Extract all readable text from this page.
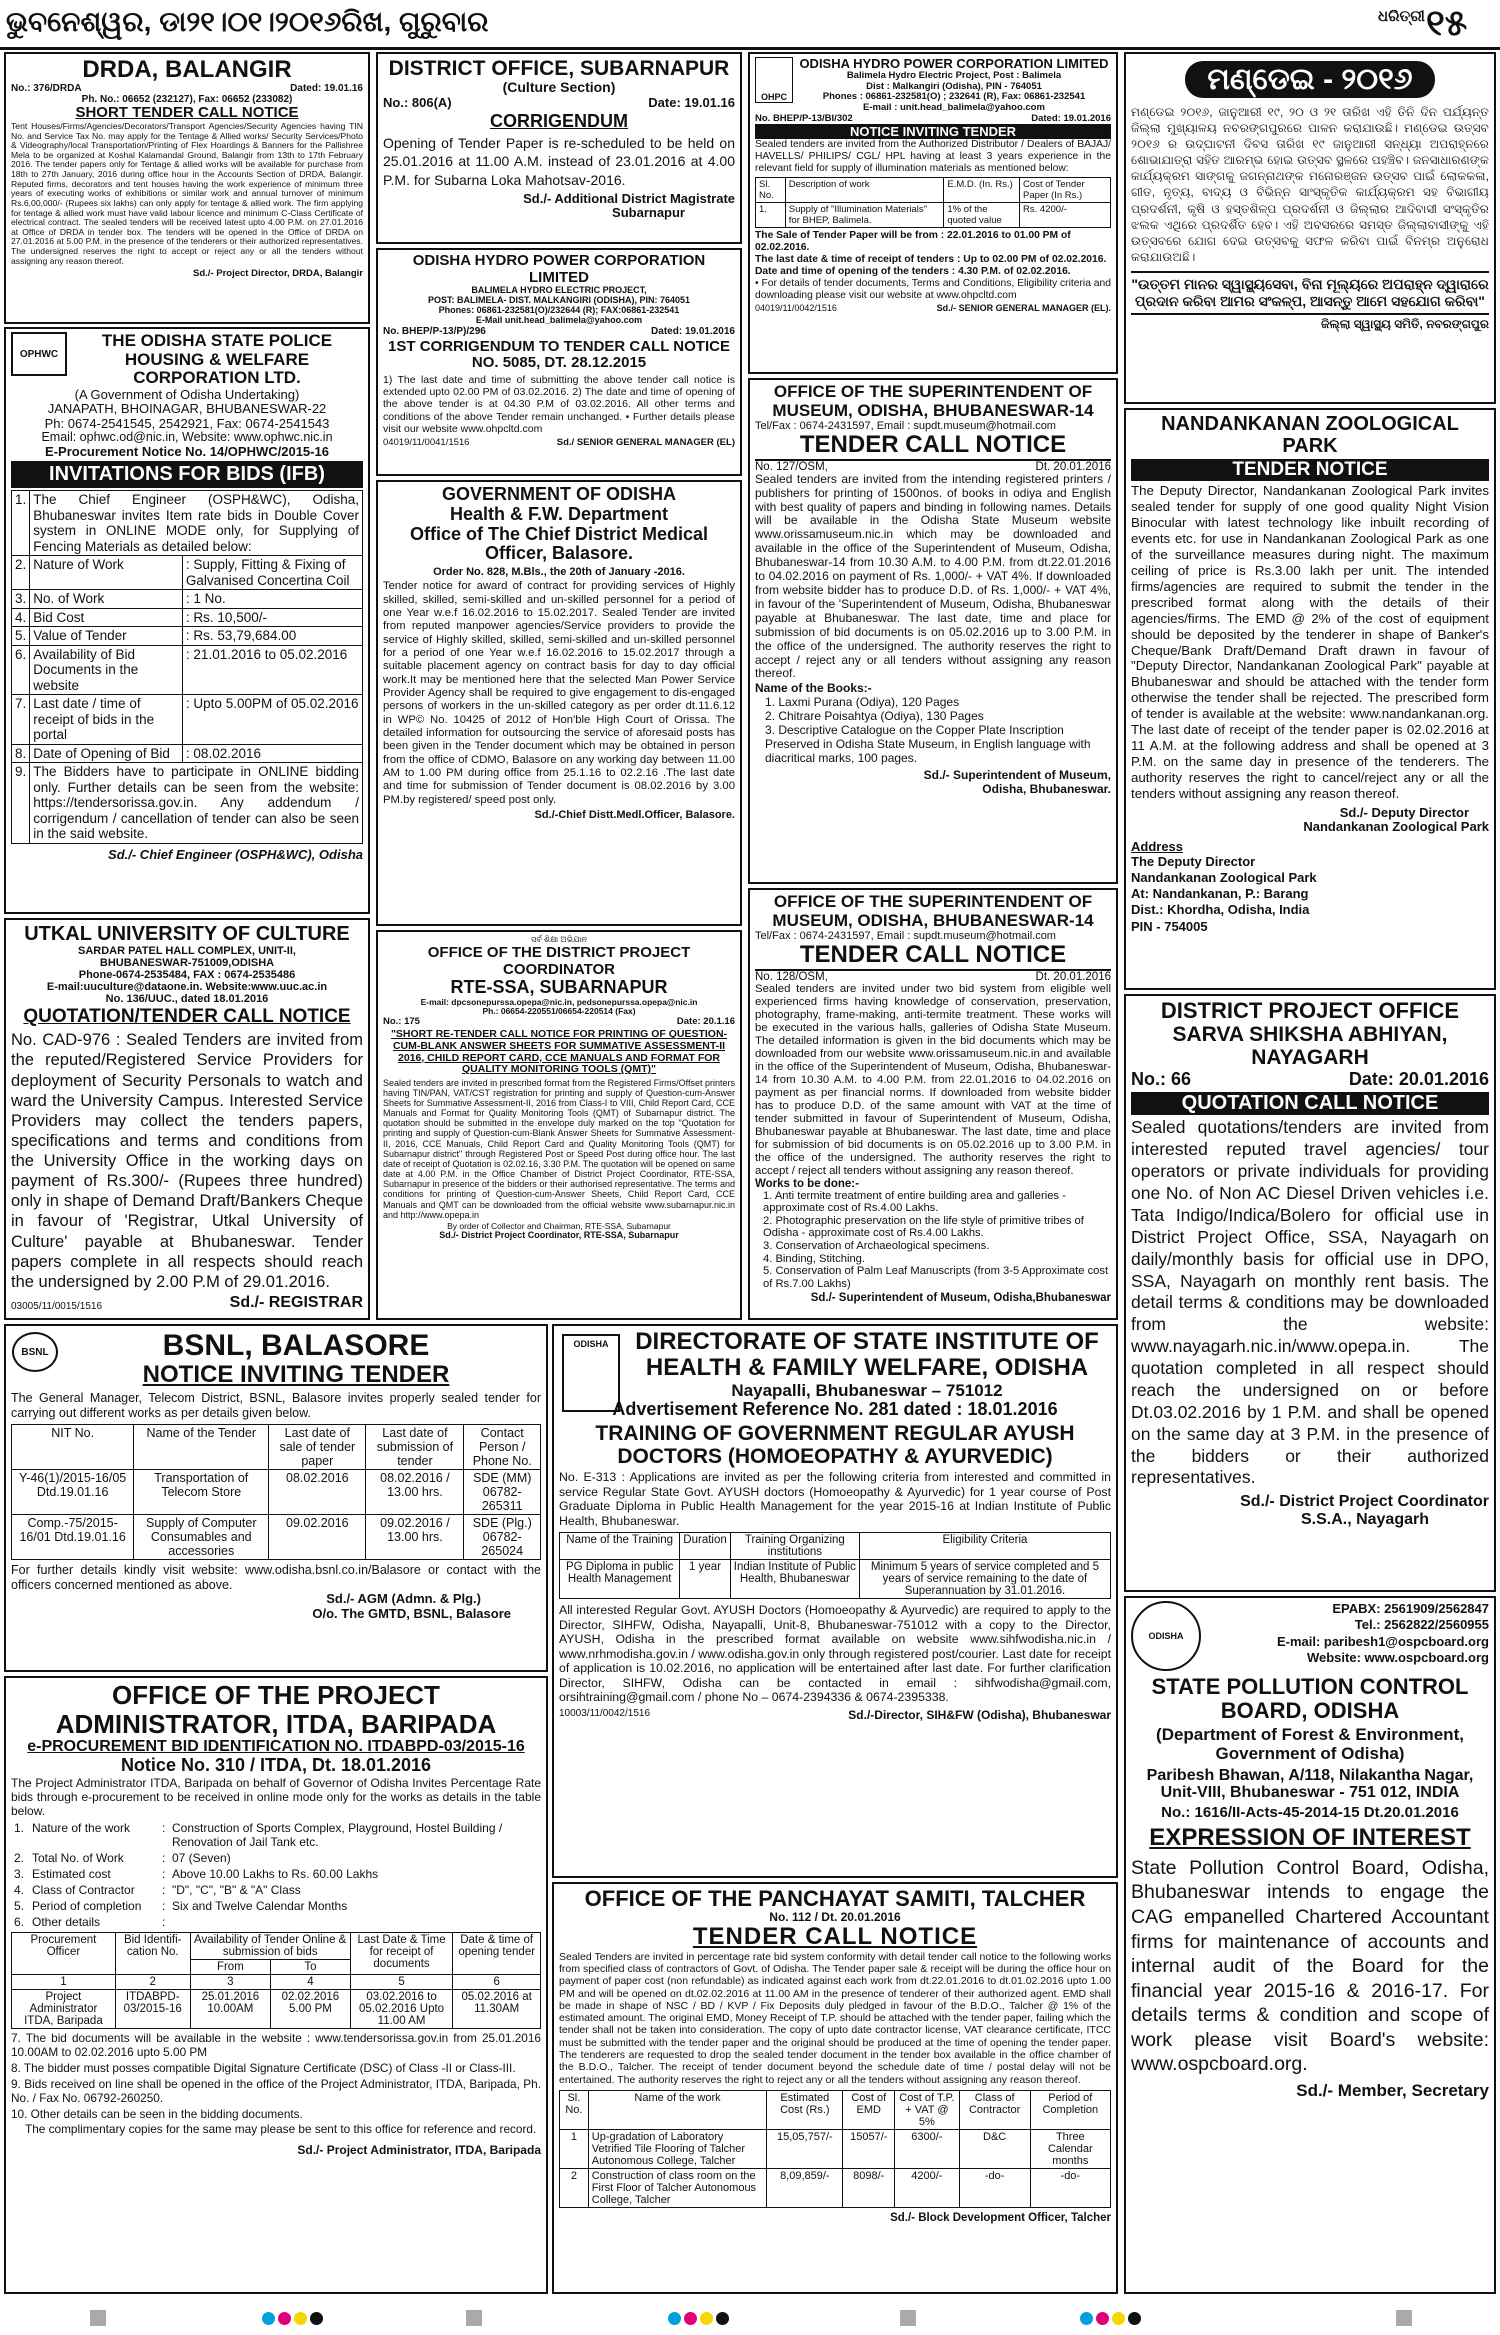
ଭୁବନେଶ୍ୱର, ଡା୨୧।୦୧।୨୦୧୬ରିଖ, ଗୁରୁବାର	ଧରିତ୍ରୀ ୧୫
DRDA, BALANGIR
No.: 376/DRDA	Dated: 19.01.16
Ph. No.: 06652 (232127), Fax: 06652 (233082)
SHORT TENDER CALL NOTICE
Tent Houses/Firms/Agencies/Decorators/Transport Agencies/Security Agencies having TIN No. and Service Tax No. may apply for the Tentage & Allied works/ Security Services/Photo & Videography/local Transportation/Printing of Flex Hoardings & Banners for the Pallishree Mela to be organized at Koshal Kalamandal Ground, Balangir from 13th to 17th February 2016. The tender papers only for Tentage & allied works will be available for purchase from 18th to 27th January, 2016 during office hour in the Accounts Section of DRDA, Balangir. Reputed firms, decorators and tent houses having the work experience of minimum three years of executing works of exhibitions or similar work and annual turnover of minimum Rs.6,00,000/- (Rupees six lakhs) can only apply for tentage & allied work. The firm applying for tentage & allied work must have valid labour licence and minimum C-Class Certificate of electrical contract. The sealed tenders will be received latest upto 4.00 P.M. on 27.01.2016 at Office of DRDA in tender box. The tenders will be opened in the Office of DRDA on 27.01.2016 at 5.00 P.M. in the presence of the tenderers or their authorized representatives. The undersigned reserves the right to accept or reject any or all the tenders without assigning any reason thereof.
Sd./- Project Director, DRDA, Balangir
OPHWC
THE ODISHA STATE POLICE HOUSING & WELFARE CORPORATION LTD.
(A Government of Odisha Undertaking)
JANAPATH, BHOINAGAR, BHUBANESWAR-22
Ph: 0674-2541545, 2542921, Fax: 0674-2541543
Email: ophwc.od@nic.in, Website: www.ophwc.nic.in
E-Procurement Notice No. 14/OPHWC/2015-16
INVITATIONS FOR BIDS (IFB)
1.	The Chief Engineer (OSPH&WC), Odisha, Bhubaneswar invites Item rate bids in Double Cover system in ONLINE MODE only, for Supplying of Fencing Materials as detailed below:	
2.	Nature of Work	: Supply, Fitting & Fixing of Galvanised Concertina Coil
3.	No. of Work	: 1 No.
4.	Bid Cost	: Rs. 10,500/-
5.	Value of Tender	: Rs. 53,79,684.00
6.	Availability of Bid Documents in the website	: 21.01.2016 to 05.02.2016
7.	Last date / time of receipt of bids in the portal	: Upto 5.00PM of 05.02.2016
8.	Date of Opening of Bid	: 08.02.2016
9.	The Bidders have to participate in ONLINE bidding only. Further details can be seen from the website: https://tendersorissa.gov.in. Any addendum / corrigendum / cancellation of tender can also be seen in the said website.	
Sd./- Chief Engineer (OSPH&WC), Odisha
UTKAL UNIVERSITY OF CULTURE
SARDAR PATEL HALL COMPLEX, UNIT-II,
BHUBANESWAR-751009,ODISHA
Phone-0674-2535484, FAX : 0674-2535486
E-mail:uuculture@dataone.in. Website:www.uuc.ac.in
No. 136/UUC., dated 18.01.2016
QUOTATION/TENDER CALL NOTICE
No. CAD-976 : Sealed Tenders are invited from the reputed/Registered Service Providers for deployment of Security Personals to watch and ward the University Campus. Interested Service Providers may collect the tenders papers, specifications and terms and conditions from the University Office in the working days on payment of Rs.300/- (Rupees three hundred) only in shape of Demand Draft/Bankers Cheque in favour of 'Registrar, Utkal University of Culture' payable at Bhubaneswar. Tender papers complete in all respects should reach the undersigned by 2.00 P.M of 29.01.2016.
03005/11/0015/1516	Sd./- REGISTRAR
DISTRICT OFFICE, SUBARNAPUR
(Culture Section)
No.: 806(A)	Date: 19.01.16
CORRIGENDUM
Opening of Tender Paper is re-scheduled to be held on 25.01.2016 at 11.00 A.M. instead of 23.01.2016 at 4.00 P.M. for Subarna Loka Mahotsav-2016.
Sd./- Additional District Magistrate
Subarnapur
ODISHA HYDRO POWER CORPORATION LIMITED
BALIMELA HYDRO ELECTRIC PROJECT,
POST: BALIMELA- DIST. MALKANGIRI (ODISHA), PIN: 764051
Phones: 06861-232581(O)/232644 (R); FAX:06861-232541
E-Mail unit.head_balimela@yahoo.com
No. BHEP/P-13/P)/296	Dated: 19.01.2016
1ST CORRIGENDUM TO TENDER CALL NOTICE NO. 5085, DT. 28.12.2015
1) The last date and time of submitting the above tender call notice is extended upto 02.00 PM of 03.02.2016. 2) The date and time of opening of the above tender is at 04.30 P.M of 03.02.2016. All other terms and conditions of the above Tender remain unchanged. • Further details please visit our website www.ohpcltd.com
04019/11/0041/1516	Sd./ SENIOR GENERAL MANAGER (EL)
GOVERNMENT OF ODISHA
Health & F.W. Department
Office of The Chief District Medical Officer, Balasore.
Order No. 828, M.Bls., the 20th of January -2016.
Tender notice for award of contract for providing services of Highly skilled, skilled, semi-skilled and un-skilled personnel for a period of one Year w.e.f 16.02.2016 to 15.02.2017. Sealed Tender are invited from reputed manpower agencies/Service providers to provide the service of Highly skilled, skilled, semi-skilled and un-skilled personnel for a period of one Year w.e.f 16.02.2016 to 15.02.2017 through a suitable placement agency on contract basis for day to day official work.It may be mentioned here that the selected Man Power Service Provider Agency shall be required to give engagement to dis-engaged persons of workers in the un-skilled category as per order dt.11.6.12 in WP© No. 10425 of 2012 of Hon'ble High Court of Orissa. The detailed information for outsourcing the service of aforesaid posts has been given in the Tender document which may be obtained in person from the office of CDMO, Balasore on any working day between 11.00 AM to 1.00 PM during office from 25.1.16 to 02.2.16 .The last date and time for submission of Tender document is 08.02.2016 by 3.00 PM.by registered/ speed post only.
Sd./-Chief Distt.Medl.Officer, Balasore.
ସର୍ବ ଶିକ୍ଷା ଅଭିଯାନ
OFFICE OF THE DISTRICT PROJECT COORDINATOR
RTE-SSA, SUBARNAPUR
E-mail: dpcsonepurssa.opepa@nic.in, pedsonepurssa.opepa@nic.in
Ph.: 06654-220551/06654-220514 (Fax)
No.: 175	Date: 20.1.16
"SHORT RE-TENDER CALL NOTICE FOR PRINTING OF QUESTION-CUM-BLANK ANSWER SHEETS FOR SUMMATIVE ASSESSMENT-II 2016, CHILD REPORT CARD, CCE MANUALS AND FORMAT FOR QUALITY MONITORING TOOLS (QMT)"
Sealed tenders are invited in prescribed format from the Registered Firms/Offset printers having TIN/PAN, VAT/CST registration for printing and supply of Question-cum-Answer Sheets for Summative Assessment-II, 2016 from Class-I to VIII, Child Report Card, CCE Manuals and Format for Quality Monitoring Tools (QMT) of Subarnapur district. The quotation should be submitted in the envelope duly marked on the top "Quotation for printing and supply of Question-cum-Blank Answer Sheets for Summative Assessment-II, 2016, CCE Manuals, Child Report Card and Quality Monitoring Tools (QMT) for Subarnapur district" through Registered Post or Speed Post during office hour. The last date of receipt of Quotation is 02.02.16, 3.30 P.M. The quotation will be opened on same date at 4.00 P.M. in the Office Chamber of District Project Coordinator, RTE-SSA, Subarnapur in presence of the bidders or their authorised representative. The terms and conditions for printing of Question-cum-Answer Sheets, Child Report Card, CCE Manuals and QMT can be downloaded from the official website www.subarnapur.nic.in and http://www.opepa.in
By order of Collector and Chairman, RTE-SSA, Subarnapur
Sd./- District Project Coordinator, RTE-SSA, Subarnapur
OHPC
ODISHA HYDRO POWER CORPORATION LIMITED
Balimela Hydro Electric Project, Post : Balimela
Dist : Malkangiri (Odisha), PIN - 764051
Phones : 06861-232581(O) ; 232641 (R), Fax: 06861-232541
E-mail : unit.head_balimela@yahoo.com
No. BHEP/P-13/BI/302	Dated: 19.01.2016
NOTICE INVITING TENDER
Sealed tenders are invited from the Authorized Distributor / Dealers of BAJAJ/ HAVELLS/ PHILIPS/ CGL/ HPL having at least 3 years experience in the relevant field for supply of illumination materials as mentioned below:
Sl. No.	Description of work	E.M.D. (In. Rs.)	Cost of Tender Paper (In Rs.)
1.	Supply of "Illumination Materials" for BHEP, Balimela.	1% of the quoted value	Rs. 4200/-
The Sale of Tender Paper will be from : 22.01.2016 to 01.00 PM of 02.02.2016.
The last date & time of receipt of tenders : Up to 02.00 PM of 02.02.2016.
Date and time of opening of the tenders : 4.30 P.M. of 02.02.2016.
• For details of tender documents, Terms and Conditions, Eligibility criteria and downloading please visit our website at www.ohpcltd.com
04019/11/0042/1516	Sd./- SENIOR GENERAL MANAGER (EL).
OFFICE OF THE SUPERINTENDENT OF MUSEUM, ODISHA, BHUBANESWAR-14
Tel/Fax : 0674-2431597, Email : supdt.museum@hotmail.com
TENDER CALL NOTICE
No. 127/OSM,	Dt. 20.01.2016
Sealed tenders are invited from the intending registered printers / publishers for printing of 1500nos. of books in odiya and English with best quality of papers and binding in following names. Details will be available in the Odisha State Museum website www.orissamuseum.nic.in which may be downloaded and available in the office of the Superintendent of Museum, Odisha, Bhubaneswar-14 from 10.30 A.M. to 4.00 P.M. from dt.22.01.2016 to 04.02.2016 on payment of Rs. 1,000/- + VAT 4%. If downloaded from website bidder has to produce D.D. of Rs. 1,000/- + VAT 4%, in favour of the 'Superintendent of Museum, Odisha, Bhubaneswar payable at Bhubaneswar. The last date, time and place for submission of bid documents is on 05.02.2016 up to 3.00 P.M. in the office of the undersigned. The authority reserves the right to accept / reject any or all tenders without assigning any reason thereof.
Name of the Books:-
1. Laxmi Purana (Odiya), 120 Pages
2. Chitrare Poisahtya (Odiya), 130 Pages
3. Descriptive Catalogue on the Copper Plate Inscription Preserved in Odisha State Museum, in English language with diacritical marks, 100 pages.
Sd./- Superintendent of Museum,
Odisha, Bhubaneswar.
OFFICE OF THE SUPERINTENDENT OF MUSEUM, ODISHA, BHUBANESWAR-14
Tel/Fax : 0674-2431597, Email : supdt.museum@hotmail.com
TENDER CALL NOTICE
No. 128/OSM,	Dt. 20.01.2016
Sealed tenders are invited under two bid system from eligible well experienced firms having knowledge of conservation, preservation, photography, frame-making, anti-termite treatment. These works will be executed in the various halls, galleries of Odisha State Museum. The detailed information is given in the bid documents which may be downloaded from our website www.orissamuseum.nic.in and available in the office of the Superintendent of Museum, Odisha, Bhubaneswar-14 from 10.30 A.M. to 4.00 P.M. from 22.01.2016 to 04.02.2016 on payment as per financial norms. If downloaded from website bidder has to produce D.D. of the same amount with VAT at the time of tender submitted in favour of Superintendent of Museum, Odisha, Bhubaneswar payable at Bhubaneswar. The last date, time and place for submission of bid documents is on 05.02.2016 up to 3.00 P.M. in the office of the undersigned. The authority reserves the right to accept / reject all tenders without assigning any reason thereof.
Works to be done:-
1. Anti termite treatment of entire building area and galleries - approximate cost of Rs.4.00 Lakhs.
2. Photographic preservation on the life style of primitive tribes of Odisha - approximate cost of Rs.4.00 Lakhs.
3. Conservation of Archaeological specimens.
4. Binding, Stitching.
5. Conservation of Palm Leaf Manuscripts (from 3-5 Approximate cost of Rs.7.00 Lakhs)
Sd./- Superintendent of Museum, Odisha,Bhubaneswar
ମଣ୍ଡେଇ - ୨୦୧୬
ମଣ୍ଡେଇ ୨୦୧୬, ଜାନୁଆରୀ ୧୯, ୨୦ ଓ ୨୧ ତାରିଖ ଏହି ତିନି ଦିନ ପର୍ଯ୍ୟନ୍ତ ଜିଲ୍ଲା ମୁଖ୍ୟାଳୟ ନବରଙ୍ଗପୁରରେ ପାଳନ କରାଯାଉଛି। ମଣ୍ଡେଇ ଉତ୍ସବ ୨୦୧୬ ର ଉଦ୍‌ଘାଟନୀ ଦିବସ ତାରିଖ ୧୯ ଜାନୁଆରୀ ସନ୍ଧ୍ୟା ଅପରାହ୍ନରେ ଶୋଭାଯାତ୍ରା ସହିତ ଆରମ୍ଭ ହୋଇ ଉତ୍ସବ ସ୍ଥଳରେ ପହଞ୍ଚିବ। ଜନସାଧାରଣଙ୍କ କାର୍ଯ୍ୟକ୍ରମ ସାଙ୍ଗକୁ ଜଗନ୍ନାଥଙ୍କ ମନୋରଞ୍ଜନ ଉତ୍ସବ ପାଇଁ ଲୋକକଳା, ଗୀତ, ନୃତ୍ୟ, ବାଦ୍ୟ ଓ ବିଭିନ୍ନ ସାଂସ୍କୃତିକ କାର୍ଯ୍ୟକ୍ରମ ସହ ବିଭାଗୀୟ ପ୍ରଦର୍ଶନୀ, କୃଷି ଓ ହସ୍ତଶିଳ୍ପ ପ୍ରଦର୍ଶନୀ ଓ ଜିଲ୍ଲାର ଆଦିବାସୀ ସଂସ୍କୃତିର ଝଲକ ଏଥିରେ ପ୍ରଦର୍ଶିତ ହେବ। ଏହି ଅବସରରେ ସମସ୍ତ ଜିଲ୍ଲାବାସୀଙ୍କୁ ଏହି ଉତ୍ସବରେ ଯୋଗ ଦେଇ ଉତ୍ସବକୁ ସଫଳ କରିବା ପାଇଁ ବିନମ୍ର ଅନୁରୋଧ କରାଯାଉଅଛି।
"ଉତ୍ତମ ମାନର ସ୍ୱାସ୍ଥ୍ୟସେବା, ବିନା ମୂଲ୍ୟରେ ଅପରାହ୍ନ ଦ୍ୱାରାରେ ପ୍ରଦାନ କରିବା ଆମର ସଂକଳ୍ପ, ଆସନ୍ତୁ ଆମେ ସହଯୋଗ କରିବା"
ଜିଲ୍ଲା ସ୍ୱାସ୍ଥ୍ୟ ସମିତି, ନବରଙ୍ଗପୁର
NANDANKANAN ZOOLOGICAL PARK
TENDER NOTICE
The Deputy Director, Nandankanan Zoological Park invites sealed tender for supply of one good quality Night Vision Binocular with latest technology like inbuilt recording of events etc. for use in Nandankanan Zoological Park as one of the surveillance measures during night. The maximum ceiling of price is Rs.3.00 lakh per unit. The intended firms/agencies are required to submit the tender in the prescribed format along with the details of their agencies/firms. The EMD @ 2% of the cost of equipment should be deposited by the tenderer in shape of Banker's Cheque/Bank Draft/Demand Draft drawn in favour of "Deputy Director, Nandankanan Zoological Park" payable at Bhubaneswar and should be attached with the tender form otherwise the tender shall be rejected. The prescribed form of tender is available at the website: www.nandankanan.org. The last date of receipt of the tender paper is 02.02.2016 at 11 A.M. at the following address and shall be opened at 3 P.M. on the same day in presence of the tenderers. The authority reserves the right to cancel/reject any or all the tenders without assigning any reason thereof.
Sd./- Deputy Director
Nandankanan Zoological Park
Address
The Deputy Director
Nandankanan Zoological Park
At: Nandankanan, P.: Barang
Dist.: Khordha, Odisha, India
PIN - 754005
DISTRICT PROJECT OFFICE
SARVA SHIKSHA ABHIYAN, NAYAGARH
No.: 66	Date: 20.01.2016
QUOTATION CALL NOTICE
Sealed quotations/tenders are invited from interested reputed travel agencies/ tour operators or private individuals for providing one No. of Non AC Diesel Driven vehicles i.e. Tata Indigo/Indica/Bolero for official use in District Project Office, SSA, Nayagarh on daily/monthly basis for official use in DPO, SSA, Nayagarh on monthly rent basis. The detail terms & conditions may be downloaded from the website: www.nayagarh.nic.in/www.opepa.in. The quotation completed in all respect should reach the undersigned on or before Dt.03.02.2016 by 1 P.M. and shall be opened on the same day at 3 P.M. in the presence of the bidders or their authorized representatives.
Sd./- District Project Coordinator
S.S.A., Nayagarh
BSNL	BSNL, BALASORE
NOTICE INVITING TENDER
The General Manager, Telecom District, BSNL, Balasore invites properly sealed tender for carrying out different works as per details given below.
NIT No.	Name of the Tender	Last date of sale of tender paper	Last date of submission of tender	Contact Person / Phone No.
Y-46(1)/2015-16/05 Dtd.19.01.16	Transportation of Telecom Store	08.02.2016	08.02.2016 / 13.00 hrs.	SDE (MM) 06782-265311
Comp.-75/2015-16/01 Dtd.19.01.16	Supply of Computer Consumables and accessories	09.02.2016	09.02.2016 / 13.00 hrs.	SDE (Plg.) 06782-265024
For further details kindly visit website: www.odisha.bsnl.co.in/Balasore or contact with the officers concerned mentioned as above.
Sd./- AGM (Admn. & Plg.)
O/o. The GMTD, BSNL, Balasore
OFFICE OF THE PROJECT ADMINISTRATOR, ITDA, BARIPADA
e-PROCUREMENT BID IDENTIFICATION NO. ITDABPD-03/2015-16
Notice No. 310 / ITDA, Dt. 18.01.2016
The Project Administrator ITDA, Baripada on behalf of Governor of Odisha Invites Percentage Rate bids through e-procurement to be received in online mode only for the works as details in the table below.
1.	Nature of the work	:	Construction of Sports Complex, Playground, Hostel Building / Renovation of Jail Tank etc.
2.	Total No. of Work	:	07 (Seven)
3.	Estimated cost	:	Above 10.00 Lakhs to Rs. 60.00 Lakhs
4.	Class of Contractor	:	"D", "C", "B" & "A" Class
5.	Period of completion	:	Six and Twelve Calendar Months
6.	Other details	:	
Procurement Officer	Bid Identifi-cation No.	Availability of Tender Online & submission of bids		Last Date & Time for receipt of documents	Date & time of opening tender
		From	To		
1	2	3	4	5	6
Project Administrator ITDA, Baripada	ITDABPD-03/2015-16	25.01.2016 10.00AM	02.02.2016 5.00 PM	03.02.2016 to 05.02.2016 Upto 11.00 AM	05.02.2016 at 11.30AM
7. The bid documents will be available in the website : www.tendersorissa.gov.in from 25.01.2016 10.00AM to 02.02.2016 upto 5.00 PM
8. The bidder must posses compatible Digital Signature Certificate (DSC) of Class -II or Class-III.
9. Bids received on line shall be opened in the office of the Project Administrator, ITDA, Baripada, Ph. No. / Fax No. 06792-260250.
10. Other details can be seen in the bidding documents.
The complimentary copies for the same may please be sent to this office for reference and record.
Sd./- Project Administrator, ITDA, Baripada
ODISHA	DIRECTORATE OF STATE INSTITUTE OF HEALTH & FAMILY WELFARE, ODISHA
Nayapalli, Bhubaneswar – 751012
Advertisement Reference No. 281 dated : 18.01.2016
TRAINING OF GOVERNMENT REGULAR AYUSH DOCTORS (HOMOEOPATHY & AYURVEDIC)
No. E-313 : Applications are invited as per the following criteria from interested and committed in service Regular State Govt. AYUSH doctors (Homoeopathy & Ayurvedic) for 1 year course of Post Graduate Diploma in Public Health Management for the year 2015-16 at Indian Institute of Public Health, Bhubaneswar.
Name of the Training	Duration	Training Organizing institutions	Eligibility Criteria
PG Diploma in public Health Management	1 year	Indian Institute of Public Health, Bhubaneswar	Minimum 5 years of service completed and 5 years of service remaining to the date of Superannuation by 31.01.2016.
All interested Regular Govt. AYUSH Doctors (Homoeopathy & Ayurvedic) are required to apply to the Director, SIHFW, Odisha, Nayapalli, Unit-8, Bhubaneswar-751012 with a copy to the Director, AYUSH, Odisha in the prescribed format available on website www.sihfwodisha.nic.in / www.nrhmodisha.gov.in / www.odisha.gov.in only through registered post/courier. Last date for receipt of application is 10.02.2016, no application will be entertained after last date. For further clarification Director, SIHFW, Odisha can be contacted in email : sihfwodisha@gmail.com, orsihtraining@gmail.com / phone No – 0674-2394336 & 0674-2395338.
10003/11/0042/1516	Sd./-Director, SIH&FW (Odisha), Bhubaneswar
OFFICE OF THE PANCHAYAT SAMITI, TALCHER
No. 112 / Dt. 20.01.2016
TENDER CALL NOTICE
Sealed Tenders are invited in percentage rate bid system conformity with detail tender call notice to the following works from specified class of contractors of Govt. of Odisha. The Tender paper sale & receipt will be during the office hour on payment of paper cost (non refundable) as indicated against each work from dt.22.01.2016 to dt.01.02.2016 upto 1.00 PM and will be opened on dt.02.02.2016 at 11.00 AM in the presence of tenderer of their authorized agent. EMD shall be made in shape of NSC / BD / KVP / Fix Deposits duly pledged in favour of the B.D.O., Talcher @ 1% of the estimated amount. The original EMD, Money Receipt of T.P. should be attached with the tender paper, failing which the tender shall not be taken into consideration. The copy of upto date contractor license, VAT clearance certificate, ITCC must be submitted with the tender paper and the original should be produced at the time of opening the tender paper. The tenderers are requested to drop the sealed tender document in the tender box available in the office chamber of the B.D.O., Talcher. The receipt of tender document beyond the schedule date of time / postal delay will not be entertained. The authority reserves the right to reject any or all the tenders without assigning any reason thereof.
Sl. No.	Name of the work	Estimated Cost (Rs.)	Cost of EMD	Cost of T.P. + VAT @ 5%	Class of Contractor	Period of Completion
1	Up-gradation of Laboratory Vetrified Tile Flooring of Talcher Autonomous College, Talcher	15,05,757/-	15057/-	6300/-	D&C	Three Calendar months
2	Construction of class room on the First Floor of Talcher Autonomous College, Talcher	8,09,859/-	8098/-	4200/-	-do-	-do-
Sd./- Block Development Officer, Talcher
ODISHA
EPABX: 2561909/2562847
Tel.: 2562822/2560955
E-mail: paribesh1@ospcboard.org
Website: www.ospcboard.org
STATE POLLUTION CONTROL BOARD, ODISHA
(Department of Forest & Environment, Government of Odisha)
Paribesh Bhawan, A/118, Nilakantha Nagar, Unit-VIII, Bhubaneswar - 751 012, INDIA
No.: 1616/II-Acts-45-2014-15 Dt.20.01.2016
EXPRESSION OF INTEREST
State Pollution Control Board, Odisha, Bhubaneswar intends to engage the CAG empanelled Chartered Accountant firms for maintenance of accounts and internal audit of the Board for the financial year 2015-16 & 2016-17. For details terms & condition and scope of work please visit Board's website: www.ospcboard.org.
Sd./- Member, Secretary
